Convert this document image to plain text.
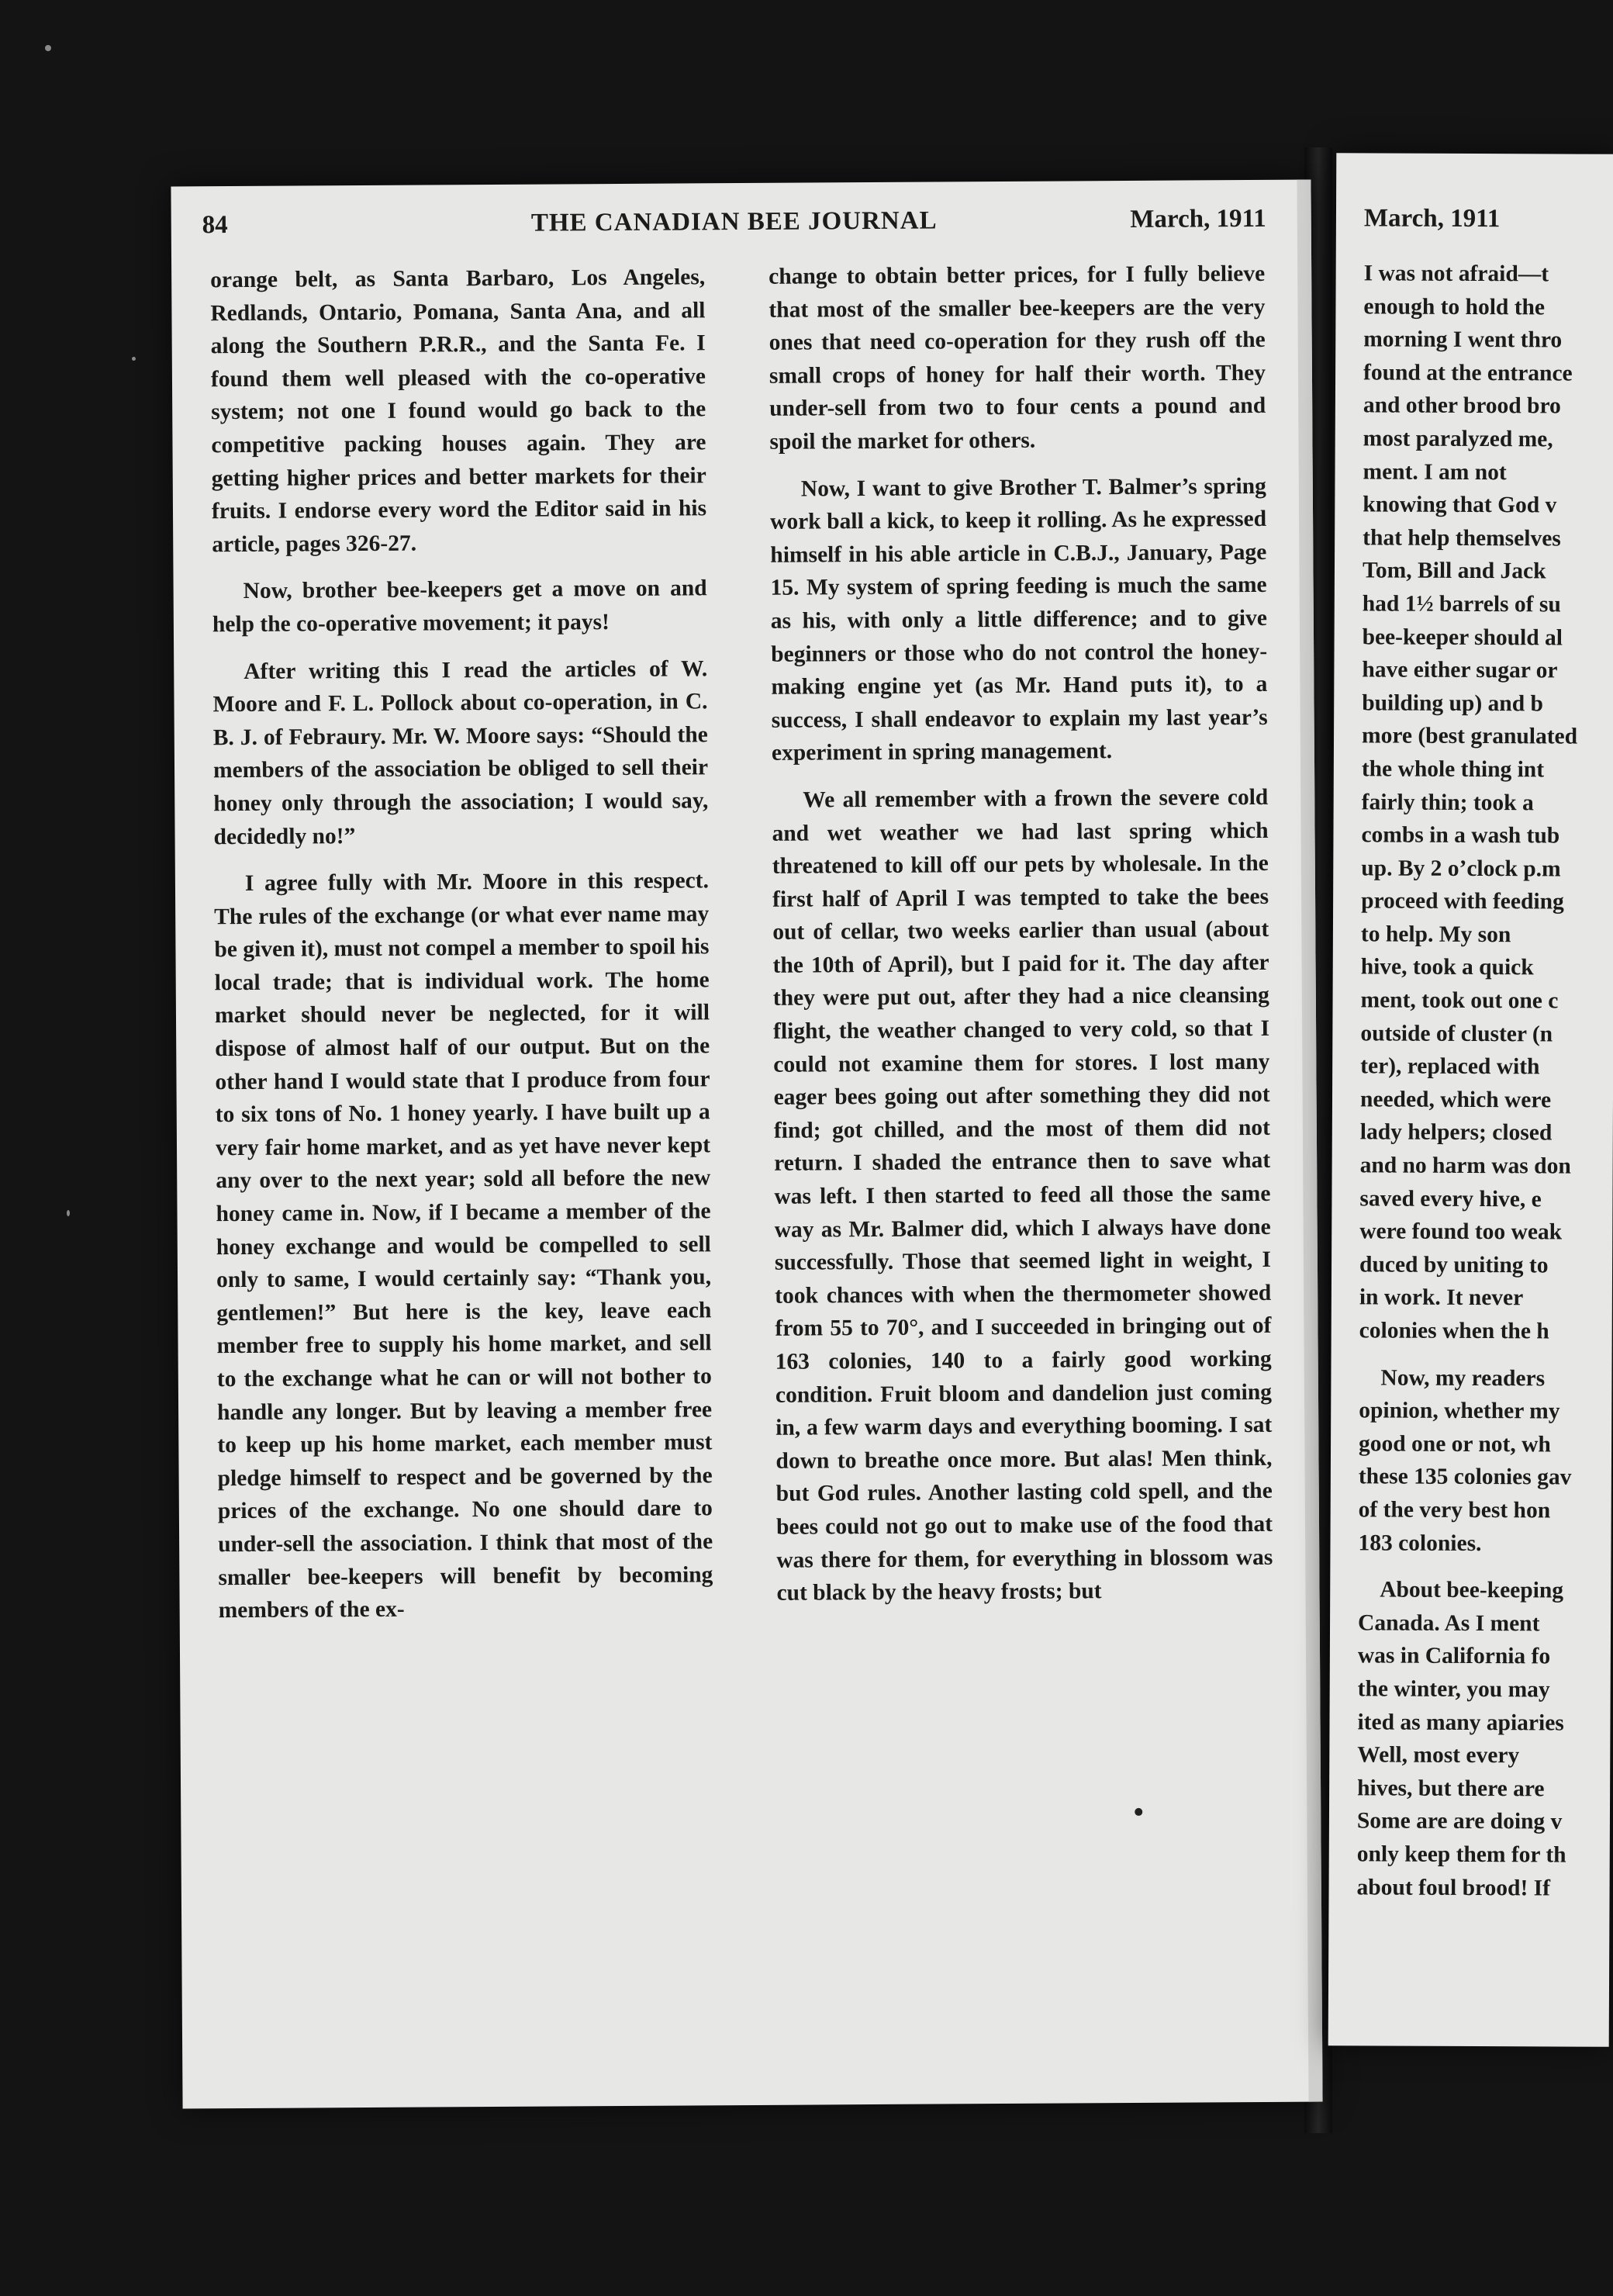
84	THE CANADIAN BEE JOURNAL	March, 1911

orange belt, as Santa Barbaro, Los Angeles, Redlands, Ontario, Pomana, Santa Ana, and all along the Southern P.R.R., and the Santa Fe. I found them well pleased with the co-operative system; not one I found would go back to the competitive packing houses again. They are getting higher prices and better markets for their fruits. I endorse every word the Editor said in his article, pages 326-27.

Now, brother bee-keepers get a move on and help the co-operative movement; it pays!

After writing this I read the articles of W. Moore and F. L. Pollock about co-operation, in C. B. J. of Febraury. Mr. W. Moore says: “Should the members of the association be obliged to sell their honey only through the association; I would say, decidedly no!”

I agree fully with Mr. Moore in this respect. The rules of the exchange (or what ever name may be given it), must not compel a member to spoil his local trade; that is individual work. The home market should never be neglected, for it will dispose of almost half of our output. But on the other hand I would state that I produce from four to six tons of No. 1 honey yearly. I have built up a very fair home market, and as yet have never kept any over to the next year; sold all before the new honey came in. Now, if I became a member of the honey exchange and would be compelled to sell only to same, I would certainly say: “Thank you, gentlemen!” But here is the key, leave each member free to supply his home market, and sell to the exchange what he can or will not bother to handle any longer. But by leaving a member free to keep up his home market, each member must pledge himself to respect and be governed by the prices of the exchange. No one should dare to under-sell the association. I think that most of the smaller bee-keepers will benefit by becoming members of the ex-

change to obtain better prices, for I fully believe that most of the smaller bee-keepers are the very ones that need co-operation for they rush off the small crops of honey for half their worth. They under-sell from two to four cents a pound and spoil the market for others.

Now, I want to give Brother T. Balmer’s spring work ball a kick, to keep it rolling. As he expressed himself in his able article in C.B.J., January, Page 15. My system of spring feeding is much the same as his, with only a little difference; and to give beginners or those who do not control the honey-making engine yet (as Mr. Hand puts it), to a success, I shall endeavor to explain my last year’s experiment in spring management.

We all remember with a frown the severe cold and wet weather we had last spring which threatened to kill off our pets by wholesale. In the first half of April I was tempted to take the bees out of cellar, two weeks earlier than usual (about the 10th of April), but I paid for it. The day after they were put out, after they had a nice cleansing flight, the weather changed to very cold, so that I could not examine them for stores. I lost many eager bees going out after something they did not find; got chilled, and the most of them did not return. I shaded the entrance then to save what was left. I then started to feed all those the same way as Mr. Balmer did, which I always have done successfully. Those that seemed light in weight, I took chances with when the thermometer showed from 55 to 70°, and I succeeded in bringing out of 163 colonies, 140 to a fairly good working condition. Fruit bloom and dandelion just coming in, a few warm days and everything booming. I sat down to breathe once more. But alas! Men think, but God rules. Another lasting cold spell, and the bees could not go out to make use of the food that was there for them, for everything in blossom was cut black by the heavy frosts; but

March, 1911

I was not afraid—t
enough to hold the
morning I went thro
found at the entrance
and other brood bro
most paralyzed me,
ment. I am not
knowing that God v
that help themselves
Tom, Bill and Jack
had 1½ barrels of su
bee-keeper should al
have either sugar or
building up) and b
more (best granulated
the whole thing int
fairly thin; took a
combs in a wash tub
up. By 2 o’clock p.m
proceed with feeding
to help. My son
hive, took a quick
ment, took out one c
outside of cluster (n
ter), replaced with
needed, which were
lady helpers; closed
and no harm was don
saved every hive, e
were found too weak
duced by uniting to
in work. It never
colonies when the h

Now, my readers
opinion, whether my
good one or not, wh
these 135 colonies gav
of the very best hon
183 colonies.

About bee-keeping
Canada. As I ment
was in California fo
the winter, you may
ited as many apiaries
Well, most every
hives, but there are
Some are are doing v
only keep them for th
about foul brood! If
